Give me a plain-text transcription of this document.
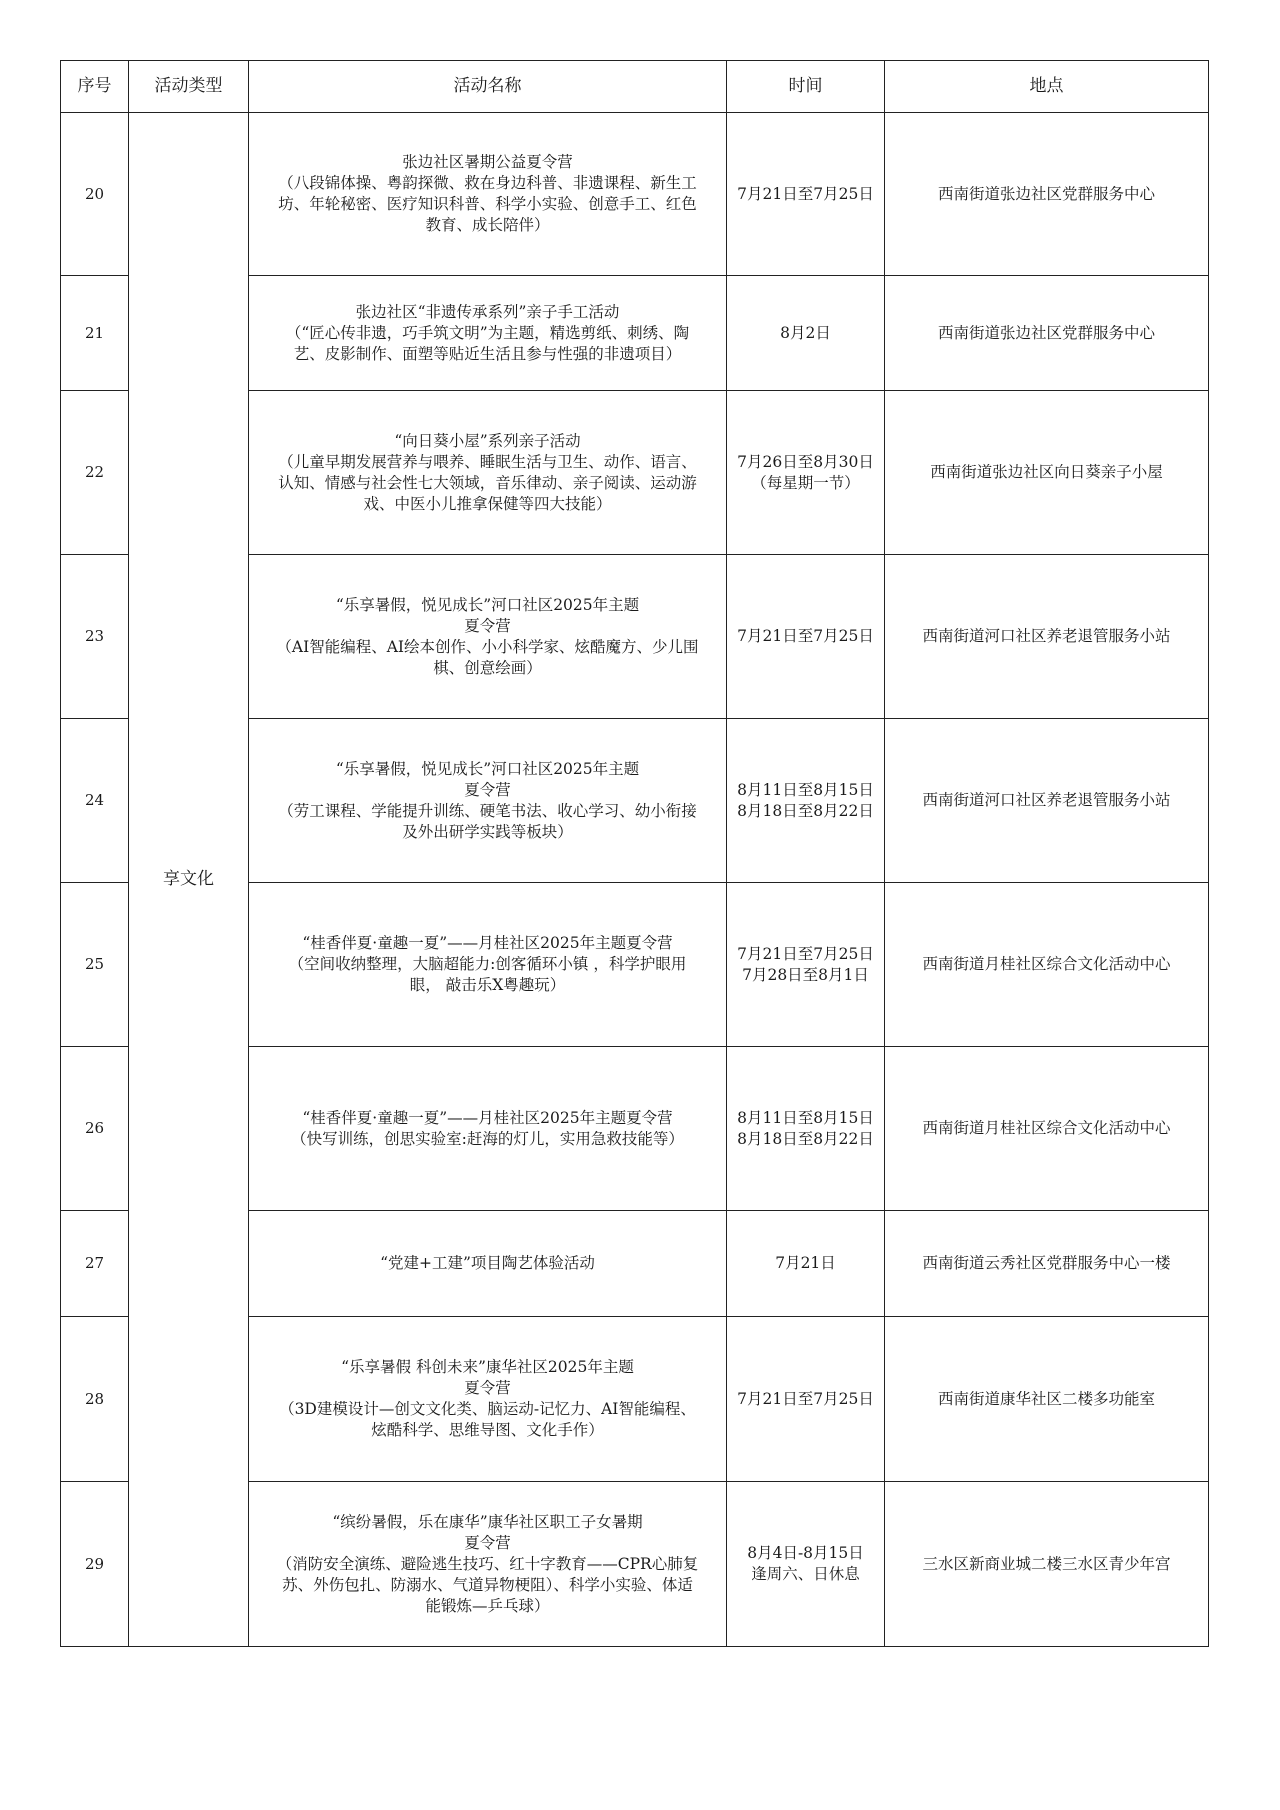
序号	活动类型	活动名称	时间	地点
20	享文化	张边社区暑期公益夏令营
（八段锦体操、粤韵探微、救在身边科普、非遗课程、新生工
坊、年轮秘密、医疗知识科普、科学小实验、创意手工、红色
教育、成长陪伴）	7月21日至7月25日	西南街道张边社区党群服务中心
21		张边社区“非遗传承系列”亲子手工活动
（“匠心传非遗，巧手筑文明”为主题，精选剪纸、刺绣、陶
艺、皮影制作、面塑等贴近生活且参与性强的非遗项目）	8月2日	西南街道张边社区党群服务中心
22		“向日葵小屋”系列亲子活动
（儿童早期发展营养与喂养、睡眠生活与卫生、动作、语言、
认知、情感与社会性七大领域，音乐律动、亲子阅读、运动游
戏、中医小儿推拿保健等四大技能）	7月26日至8月30日
（每星期一节）	西南街道张边社区向日葵亲子小屋
23		“乐享暑假，悦见成长”河口社区2025年主题
夏令营
（AI智能编程、AI绘本创作、小小科学家、炫酷魔方、少儿围
棋、创意绘画）	7月21日至7月25日	西南街道河口社区养老退管服务小站
24		“乐享暑假，悦见成长”河口社区2025年主题
夏令营
（劳工课程、学能提升训练、硬笔书法、收心学习、幼小衔接
及外出研学实践等板块）	8月11日至8月15日
8月18日至8月22日	西南街道河口社区养老退管服务小站
25		“桂香伴夏·童趣一夏”——月桂社区2025年主题夏令营
（空间收纳整理，大脑超能力:创客循环小镇 ，科学护眼用
眼， 敲击乐X粤趣玩）	7月21日至7月25日
7月28日至8月1日	西南街道月桂社区综合文化活动中心
26		“桂香伴夏·童趣一夏”——月桂社区2025年主题夏令营
（快写训练，创思实验室:赶海的灯儿，实用急救技能等）	8月11日至8月15日
8月18日至8月22日	西南街道月桂社区综合文化活动中心
27		“党建+工建”项目陶艺体验活动	7月21日	西南街道云秀社区党群服务中心一楼
28		“乐享暑假 科创未来”康华社区2025年主题
夏令营
（3D建模设计—创文文化类、脑运动-记忆力、AI智能编程、
炫酷科学、思维导图、文化手作）	7月21日至7月25日	西南街道康华社区二楼多功能室
29		“缤纷暑假，乐在康华”康华社区职工子女暑期
夏令营
（消防安全演练、避险逃生技巧、红十字教育——CPR心肺复
苏、外伤包扎、防溺水、气道异物梗阻）、科学小实验、体适
能锻炼—乒乓球）	8月4日-8月15日
逢周六、日休息	三水区新商业城二楼三水区青少年宫
